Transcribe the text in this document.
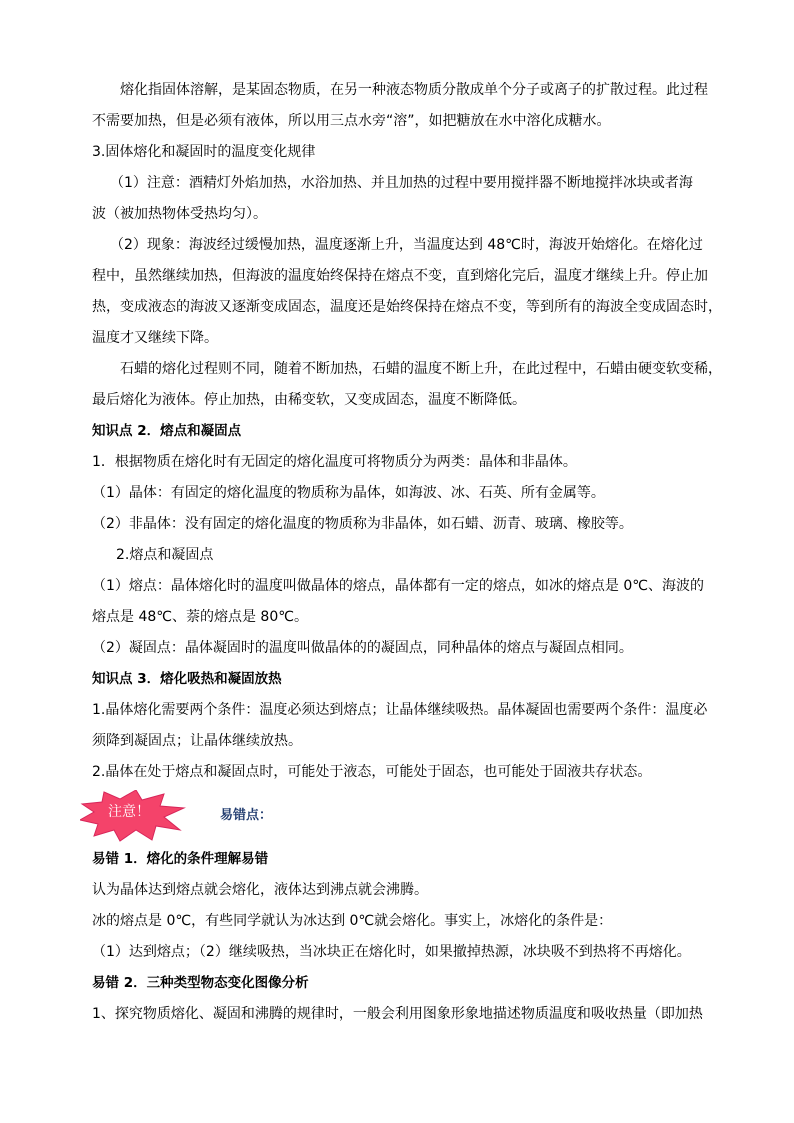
熔化指固体溶解，是某固态物质，在另一种液态物质分散成单个分子或离子的扩散过程。此过程

不需要加热，但是必须有液体，所以用三点水旁“溶”，如把糖放在水中溶化成糖水。

3.固体熔化和凝固时的温度变化规律

（1）注意：酒精灯外焰加热，水浴加热、并且加热的过程中要用搅拌器不断地搅拌冰块或者海

波（被加热物体受热均匀）。

（2）现象：海波经过缓慢加热，温度逐渐上升，当温度达到 48℃时，海波开始熔化。在熔化过

程中，虽然继续加热，但海波的温度始终保持在熔点不变，直到熔化完后，温度才继续上升。停止加

热，变成液态的海波又逐渐变成固态，温度还是始终保持在熔点不变，等到所有的海波全变成固态时，

温度才又继续下降。

石蜡的熔化过程则不同，随着不断加热，石蜡的温度不断上升，在此过程中，石蜡由硬变软变稀，

最后熔化为液体。停止加热，由稀变软，又变成固态，温度不断降低。

知识点 2．熔点和凝固点

1．根据物质在熔化时有无固定的熔化温度可将物质分为两类：晶体和非晶体。

（1）晶体：有固定的熔化温度的物质称为晶体，如海波、冰、石英、所有金属等。

（2）非晶体：没有固定的熔化温度的物质称为非晶体，如石蜡、沥青、玻璃、橡胶等。

2.熔点和凝固点

（1）熔点：晶体熔化时的温度叫做晶体的熔点，晶体都有一定的熔点，如冰的熔点是 0℃、海波的

熔点是 48℃、萘的熔点是 80℃。

（2）凝固点：晶体凝固时的温度叫做晶体的的凝固点，同种晶体的熔点与凝固点相同。

知识点 3．熔化吸热和凝固放热

1.晶体熔化需要两个条件：温度必须达到熔点；让晶体继续吸热。晶体凝固也需要两个条件：温度必

须降到凝固点；让晶体继续放热。

2.晶体在处于熔点和凝固点时，可能处于液态，可能处于固态，也可能处于固液共存状态。

注意！	易错点：

易错 1．熔化的条件理解易错

认为晶体达到熔点就会熔化，液体达到沸点就会沸腾。

冰的熔点是 0℃，有些同学就认为冰达到 0℃就会熔化。事实上，冰熔化的条件是：

（1）达到熔点；（2）继续吸热，当冰块正在熔化时，如果撤掉热源，冰块吸不到热将不再熔化。

易错 2．三种类型物态变化图像分析

1、探究物质熔化、凝固和沸腾的规律时，一般会利用图象形象地描述物质温度和吸收热量（即加热
